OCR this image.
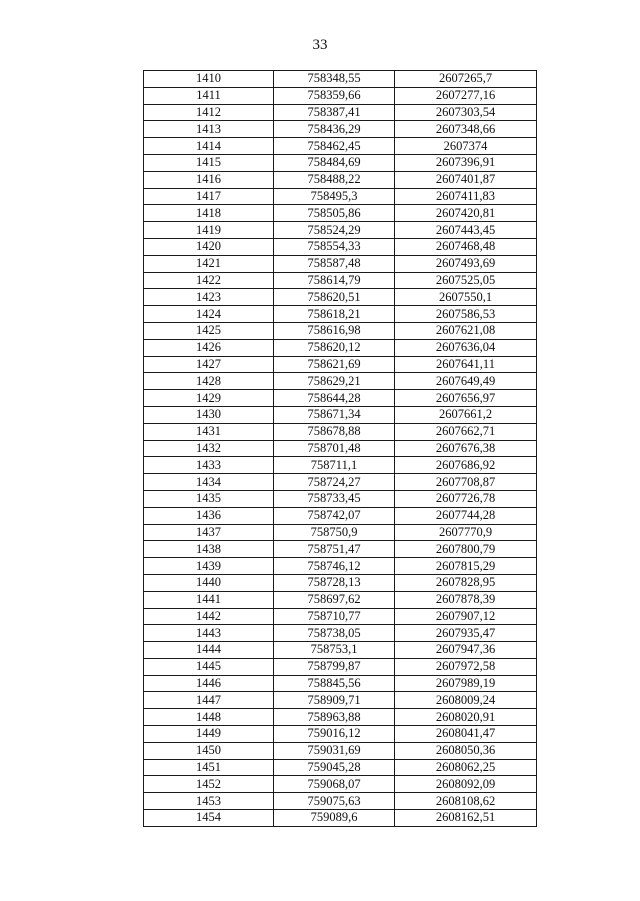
33
1410	758348,55	2607265,7
1411	758359,66	2607277,16
1412	758387,41	2607303,54
1413	758436,29	2607348,66
1414	758462,45	2607374
1415	758484,69	2607396,91
1416	758488,22	2607401,87
1417	758495,3	2607411,83
1418	758505,86	2607420,81
1419	758524,29	2607443,45
1420	758554,33	2607468,48
1421	758587,48	2607493,69
1422	758614,79	2607525,05
1423	758620,51	2607550,1
1424	758618,21	2607586,53
1425	758616,98	2607621,08
1426	758620,12	2607636,04
1427	758621,69	2607641,11
1428	758629,21	2607649,49
1429	758644,28	2607656,97
1430	758671,34	2607661,2
1431	758678,88	2607662,71
1432	758701,48	2607676,38
1433	758711,1	2607686,92
1434	758724,27	2607708,87
1435	758733,45	2607726,78
1436	758742,07	2607744,28
1437	758750,9	2607770,9
1438	758751,47	2607800,79
1439	758746,12	2607815,29
1440	758728,13	2607828,95
1441	758697,62	2607878,39
1442	758710,77	2607907,12
1443	758738,05	2607935,47
1444	758753,1	2607947,36
1445	758799,87	2607972,58
1446	758845,56	2607989,19
1447	758909,71	2608009,24
1448	758963,88	2608020,91
1449	759016,12	2608041,47
1450	759031,69	2608050,36
1451	759045,28	2608062,25
1452	759068,07	2608092,09
1453	759075,63	2608108,62
1454	759089,6	2608162,51
